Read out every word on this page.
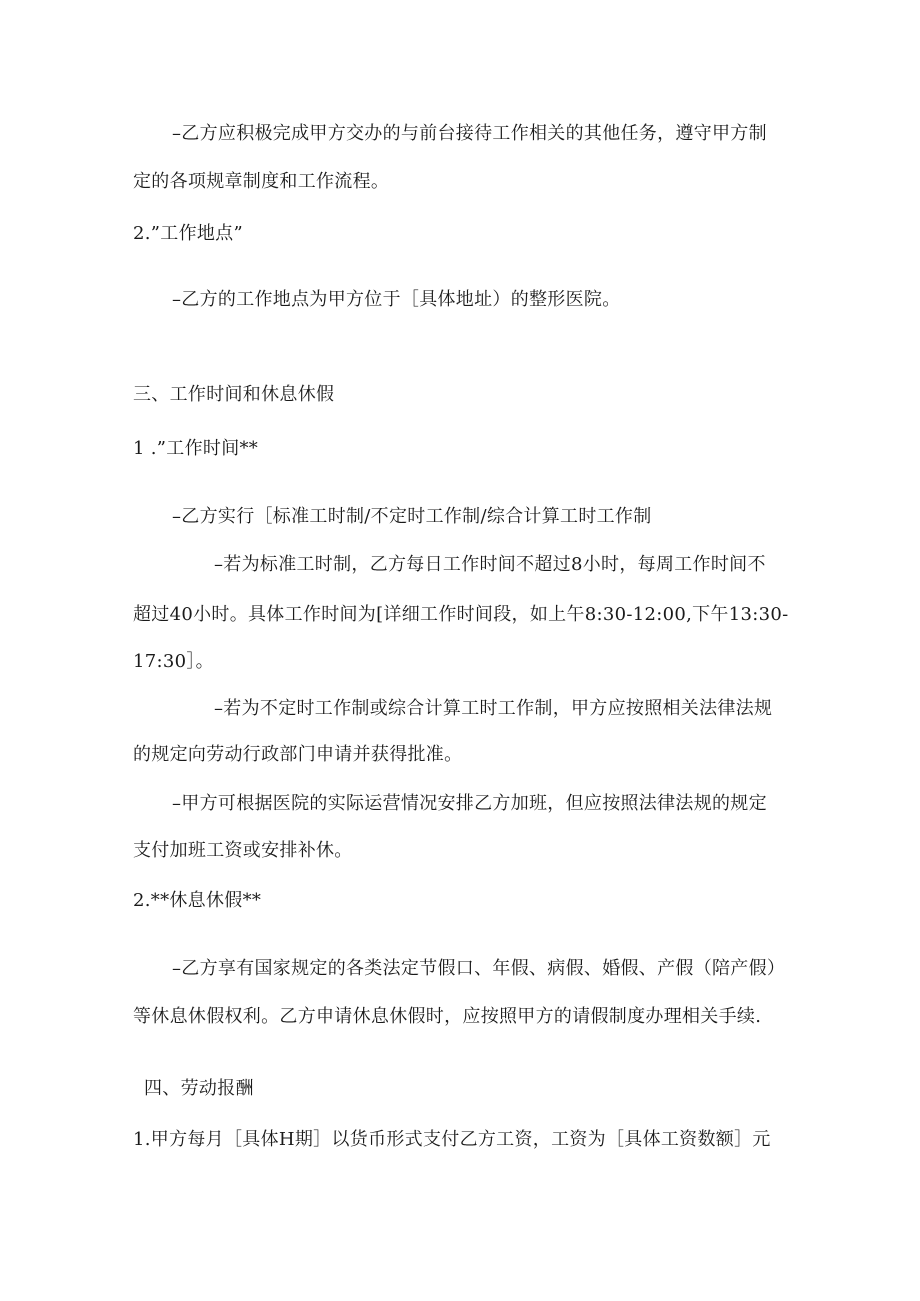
–乙方应积极完成甲方交办的与前台接待工作相关的其他任务，遵守甲方制
定的各项规章制度和工作流程。
2.”工作地点”
–乙方的工作地点为甲方位于［具体地址）的整形医院。
三、工作时间和休息休假
1 .”工作时间**
–乙方实行［标准工时制/不定时工作制/综合计算工时工作制
–若为标准工时制，乙方每日工作时间不超过8小时，每周工作时间不
超过40小时。具体工作时间为[详细工作时间段，如上午8:30-12:00,下午13:30-
17:30］。
–若为不定时工作制或综合计算工时工作制，甲方应按照相关法律法规
的规定向劳动行政部门申请并获得批准。
–甲方可根据医院的实际运营情况安排乙方加班，但应按照法律法规的规定
支付加班工资或安排补休。
2.**休息休假**
–乙方享有国家规定的各类法定节假口、年假、病假、婚假、产假（陪产假）
等休息休假权利。乙方申请休息休假时，应按照甲方的请假制度办理相关手续.
四、劳动报酬
1.甲方每月［具体H期］以货币形式支付乙方工资，工资为［具体工资数额］元
